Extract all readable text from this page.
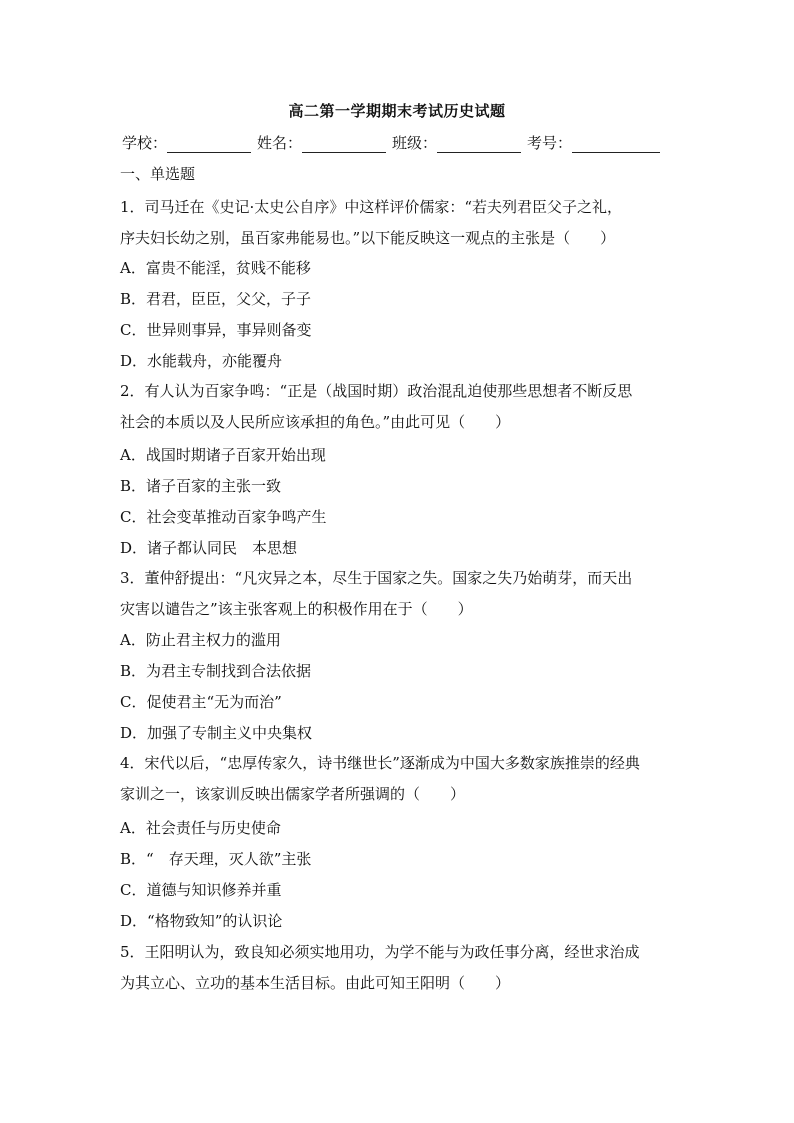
高二第一学期期末考试历史试题
学校：	姓名：	班级：	考号：
一、单选题
1．司马迁在《史记·太史公自序》中这样评价儒家：“若夫列君臣父子之礼，
序夫妇长幼之别，虽百家弗能易也。”以下能反映这一观点的主张是（　　）
A．富贵不能淫，贫贱不能移
B．君君，臣臣，父父，子子
C．世异则事异，事异则备变
D．水能载舟，亦能覆舟
2．有人认为百家争鸣：“正是（战国时期）政治混乱迫使那些思想者不断反思
社会的本质以及人民所应该承担的角色。”由此可见（　　）
A．战国时期诸子百家开始出现
B．诸子百家的主张一致
C．社会变革推动百家争鸣产生
D．诸子都认同民　本思想
3．董仲舒提出：“凡灾异之本，尽生于国家之失。国家之失乃始萌芽，而天出
灾害以谴告之”该主张客观上的积极作用在于（　　）
A．防止君主权力的滥用
B．为君主专制找到合法依据
C．促使君主“无为而治”
D．加强了专制主义中央集权
4．宋代以后，“忠厚传家久，诗书继世长”逐渐成为中国大多数家族推崇的经典
家训之一，该家训反映出儒家学者所强调的（　　）
A．社会责任与历史使命
B．“　存天理，灭人欲”主张
C．道德与知识修养并重
D．“格物致知”的认识论
5．王阳明认为，致良知必须实地用功，为学不能与为政任事分离，经世求治成
为其立心、立功的基本生活目标。由此可知王阳明（　　）
